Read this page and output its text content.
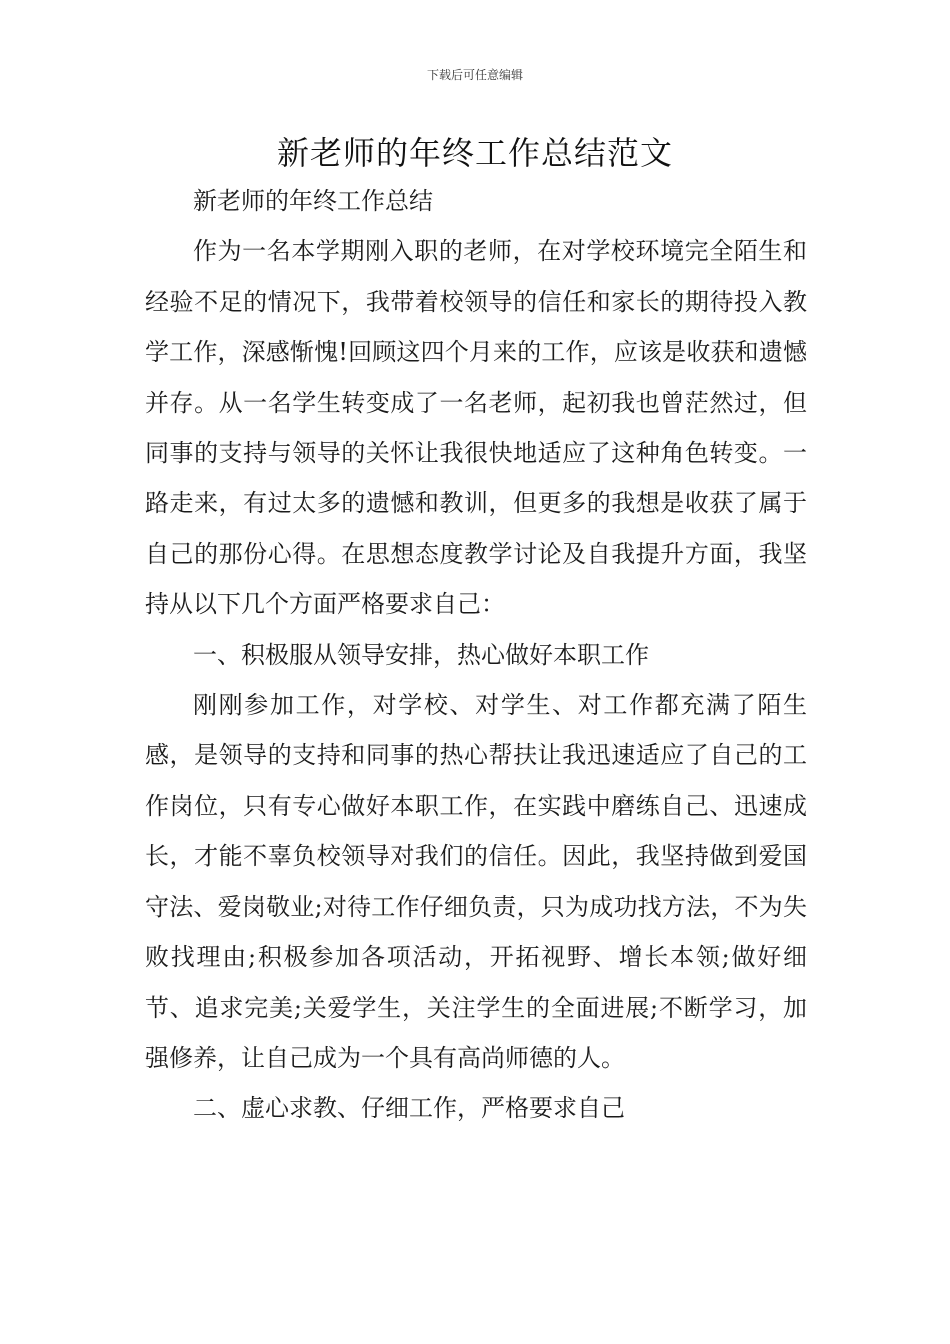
下载后可任意编辑
新老师的年终工作总结范文

新老师的年终工作总结

作为一名本学期刚入职的老师，在对学校环境完全陌生和经验不足的情况下，我带着校领导的信任和家长的期待投入教学工作，深感惭愧!回顾这四个月来的工作，应该是收获和遗憾并存。从一名学生转变成了一名老师，起初我也曾茫然过，但同事的支持与领导的关怀让我很快地适应了这种角色转变。一路走来，有过太多的遗憾和教训，但更多的我想是收获了属于自己的那份心得。在思想态度教学讨论及自我提升方面，我坚持从以下几个方面严格要求自己：

一、积极服从领导安排，热心做好本职工作

刚刚参加工作，对学校、对学生、对工作都充满了陌生感，是领导的支持和同事的热心帮扶让我迅速适应了自己的工作岗位，只有专心做好本职工作，在实践中磨练自己、迅速成长，才能不辜负校领导对我们的信任。因此，我坚持做到爱国守法、爱岗敬业;对待工作仔细负责，只为成功找方法，不为失败找理由;积极参加各项活动，开拓视野、增长本领;做好细节、追求完美;关爱学生，关注学生的全面进展;不断学习，加强修养，让自己成为一个具有高尚师德的人。

二、虚心求教、仔细工作，严格要求自己
